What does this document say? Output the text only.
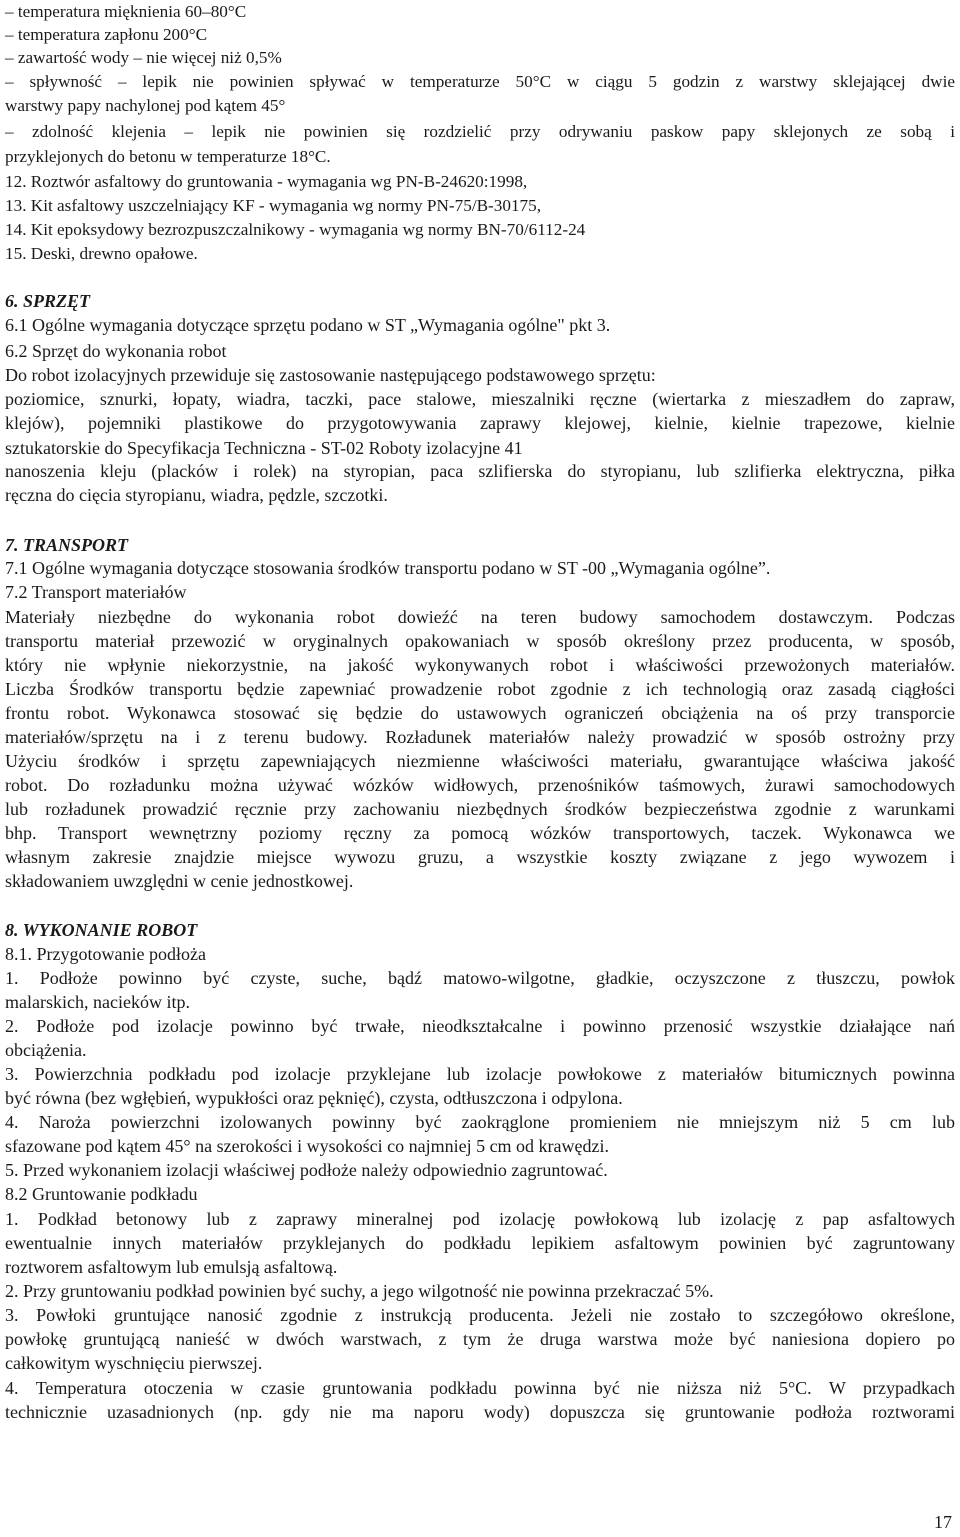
– temperatura mięknienia 60–80°C
– temperatura zapłonu 200°C
– zawartość wody – nie więcej niż 0,5%
– spływność – lepik nie powinien spływać w temperaturze 50°C w ciągu 5 godzin z warstwy sklejającej dwie
warstwy papy nachylonej pod kątem 45°
– zdolność klejenia – lepik nie powinien się rozdzielić przy odrywaniu paskow papy sklejonych ze sobą i
przyklejonych do betonu w temperaturze 18°C.
12. Roztwór asfaltowy do gruntowania - wymagania wg PN-B-24620:1998,
13. Kit asfaltowy uszczelniający KF - wymagania wg normy PN-75/B-30175,
14. Kit epoksydowy bezrozpuszczalnikowy - wymagania wg normy BN-70/6112-24
15. Deski, drewno opałowe.
6. SPRZĘT
6.1 Ogólne wymagania dotyczące sprzętu podano w ST „Wymagania ogólne" pkt 3.
6.2 Sprzęt do wykonania robot
Do robot izolacyjnych przewiduje się zastosowanie następującego podstawowego sprzętu:
poziomice, sznurki, łopaty, wiadra, taczki, pace stalowe, mieszalniki ręczne (wiertarka z mieszadłem do zapraw,
klejów), pojemniki plastikowe do przygotowywania zaprawy klejowej, kielnie, kielnie trapezowe, kielnie
sztukatorskie do Specyfikacja Techniczna - ST-02 Roboty izolacyjne 41
nanoszenia kleju (placków i rolek) na styropian, paca szlifierska do styropianu, lub szlifierka elektryczna, piłka
ręczna do cięcia styropianu, wiadra, pędzle, szczotki.
7. TRANSPORT
7.1 Ogólne wymagania dotyczące stosowania środków transportu podano w ST -00 „Wymagania ogólne”.
7.2 Transport materiałów
Materiały niezbędne do wykonania robot dowieźć na teren budowy samochodem dostawczym. Podczas
transportu materiał przewozić w oryginalnych opakowaniach w sposób określony przez producenta, w sposób,
który nie wpłynie niekorzystnie, na jakość wykonywanych robot i właściwości przewożonych materiałów.
Liczba Środków transportu będzie zapewniać prowadzenie robot zgodnie z ich technologią oraz zasadą ciągłości
frontu robot. Wykonawca stosować się będzie do ustawowych ograniczeń obciążenia na oś przy transporcie
materiałów/sprzętu na i z terenu budowy. Rozładunek materiałów należy prowadzić w sposób ostrożny przy
Użyciu środków i sprzętu zapewniających niezmienne właściwości materiału, gwarantujące właściwa jakość
robot. Do rozładunku można używać wózków widłowych, przenośników taśmowych, żurawi samochodowych
lub rozładunek prowadzić ręcznie przy zachowaniu niezbędnych środków bezpieczeństwa zgodnie z warunkami
bhp. Transport wewnętrzny poziomy ręczny za pomocą wózków transportowych, taczek. Wykonawca we
własnym zakresie znajdzie miejsce wywozu gruzu, a wszystkie koszty związane z jego wywozem i
składowaniem uwzględni w cenie jednostkowej.
8. WYKONANIE ROBOT
8.1. Przygotowanie podłoża
1. Podłoże powinno być czyste, suche, bądź matowo-wilgotne, gładkie, oczyszczone z tłuszczu, powłok
malarskich, nacieków itp.
2. Podłoże pod izolacje powinno być trwałe, nieodkształcalne i powinno przenosić wszystkie działające nań
obciążenia.
3. Powierzchnia podkładu pod izolacje przyklejane lub izolacje powłokowe z materiałów bitumicznych powinna
być równa (bez wgłębień, wypukłości oraz pęknięć), czysta, odtłuszczona i odpylona.
4. Naroża powierzchni izolowanych powinny być zaokrąglone promieniem nie mniejszym niż 5 cm lub
sfazowane pod kątem 45° na szerokości i wysokości co najmniej 5 cm od krawędzi.
5. Przed wykonaniem izolacji właściwej podłoże należy odpowiednio zagruntować.
8.2 Gruntowanie podkładu
1. Podkład betonowy lub z zaprawy mineralnej pod izolację powłokową lub izolację z pap asfaltowych
ewentualnie innych materiałów przyklejanych do podkładu lepikiem asfaltowym powinien być zagruntowany
roztworem asfaltowym lub emulsją asfaltową.
2. Przy gruntowaniu podkład powinien być suchy, a jego wilgotność nie powinna przekraczać 5%.
3. Powłoki gruntujące nanosić zgodnie z instrukcją producenta. Jeżeli nie zostało to szczegółowo określone,
powłokę gruntującą nanieść w dwóch warstwach, z tym że druga warstwa może być naniesiona dopiero po
całkowitym wyschnięciu pierwszej.
4. Temperatura otoczenia w czasie gruntowania podkładu powinna być nie niższa niż 5°C. W przypadkach
technicznie uzasadnionych (np. gdy nie ma naporu wody) dopuszcza się gruntowanie podłoża roztworami
17
